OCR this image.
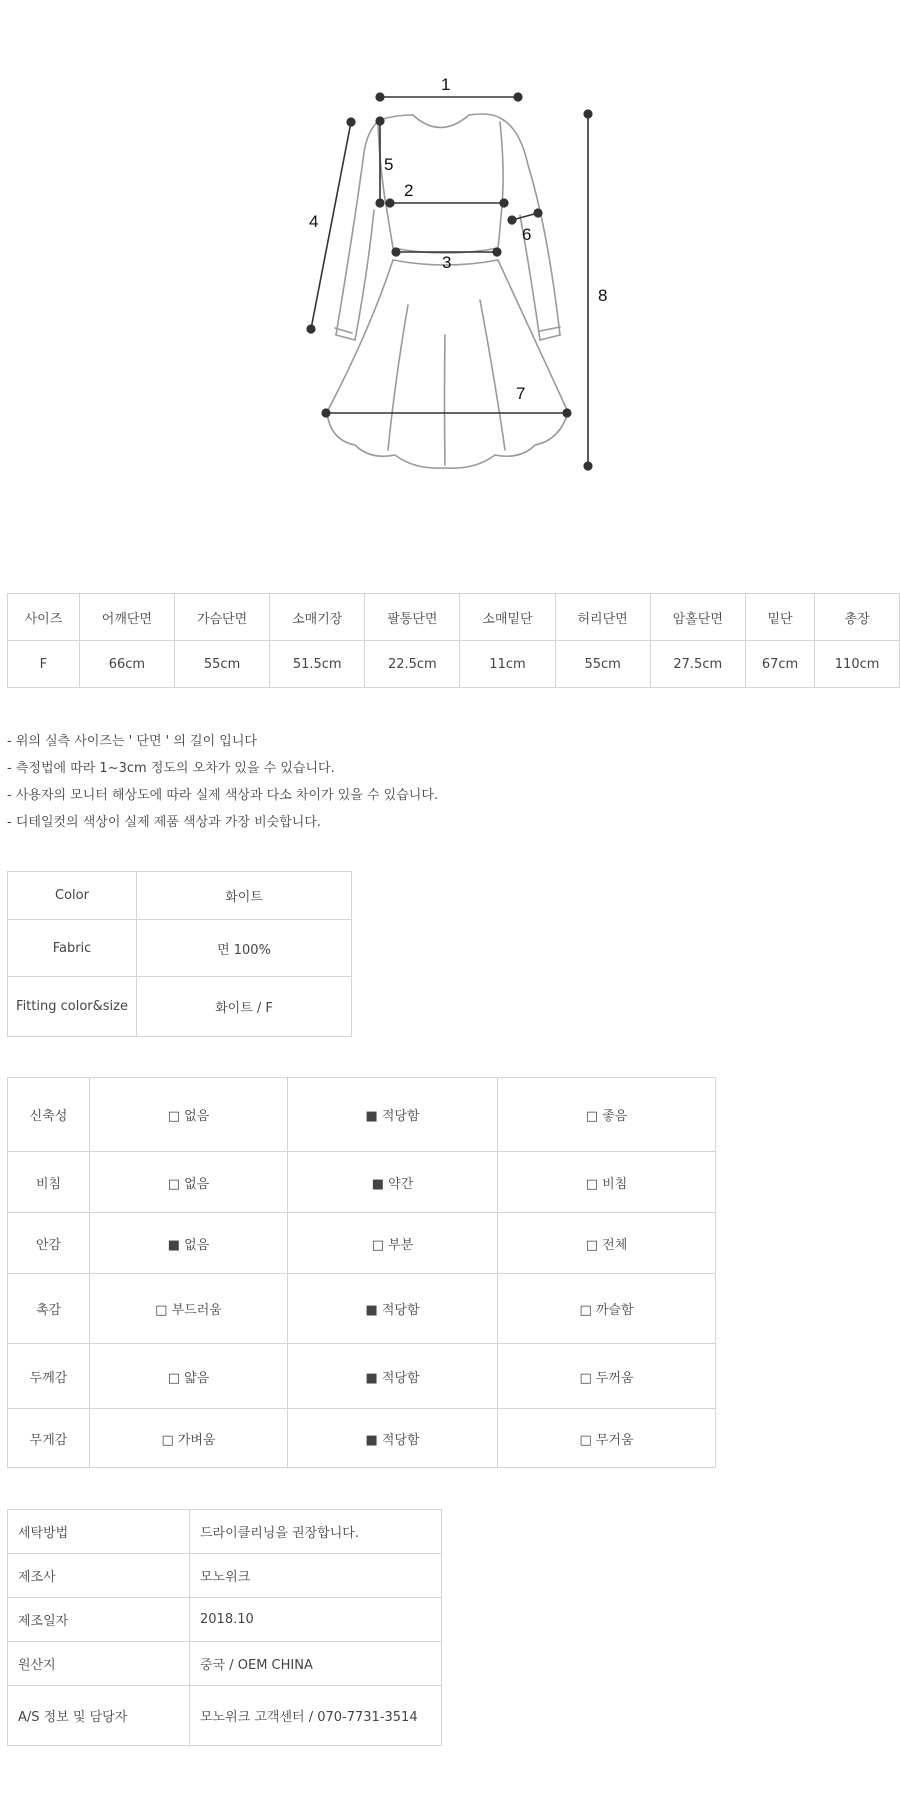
1
2
3
4
5
6
7
8
사이즈	어깨단면	가슴단면	소매기장	팔통단면	소매밑단	허리단면	암홀단면	밑단	총장
F	66cm	55cm	51.5cm	22.5cm	11cm	55cm	27.5cm	67cm	110cm
- 위의 실측 사이즈는 ' 단면 ' 의 길이 입니다
- 측정법에 따라 1~3cm 정도의 오차가 있을 수 있습니다.
- 사용자의 모니터 해상도에 따라 실제 색상과 다소 차이가 있을 수 있습니다.
- 디테일컷의 색상이 실제 제품 색상과 가장 비슷합니다.
Color	화이트
Fabric	면 100%
Fitting color&size	화이트 / F
신축성	□ 없음	■ 적당함	□ 좋음
비침	□ 없음	■ 약간	□ 비침
안감	■ 없음	□ 부분	□ 전체
촉감	□ 부드러움	■ 적당함	□ 까슬함
두께감	□ 얇음	■ 적당함	□ 두꺼움
무게감	□ 가벼움	■ 적당함	□ 무거움
세탁방법	드라이클리닝을 권장합니다.
제조사	모노위크
제조일자	2018.10
원산지	중국 / OEM CHINA
A/S 정보 및 담당자	모노위크 고객센터 / 070-7731-3514
